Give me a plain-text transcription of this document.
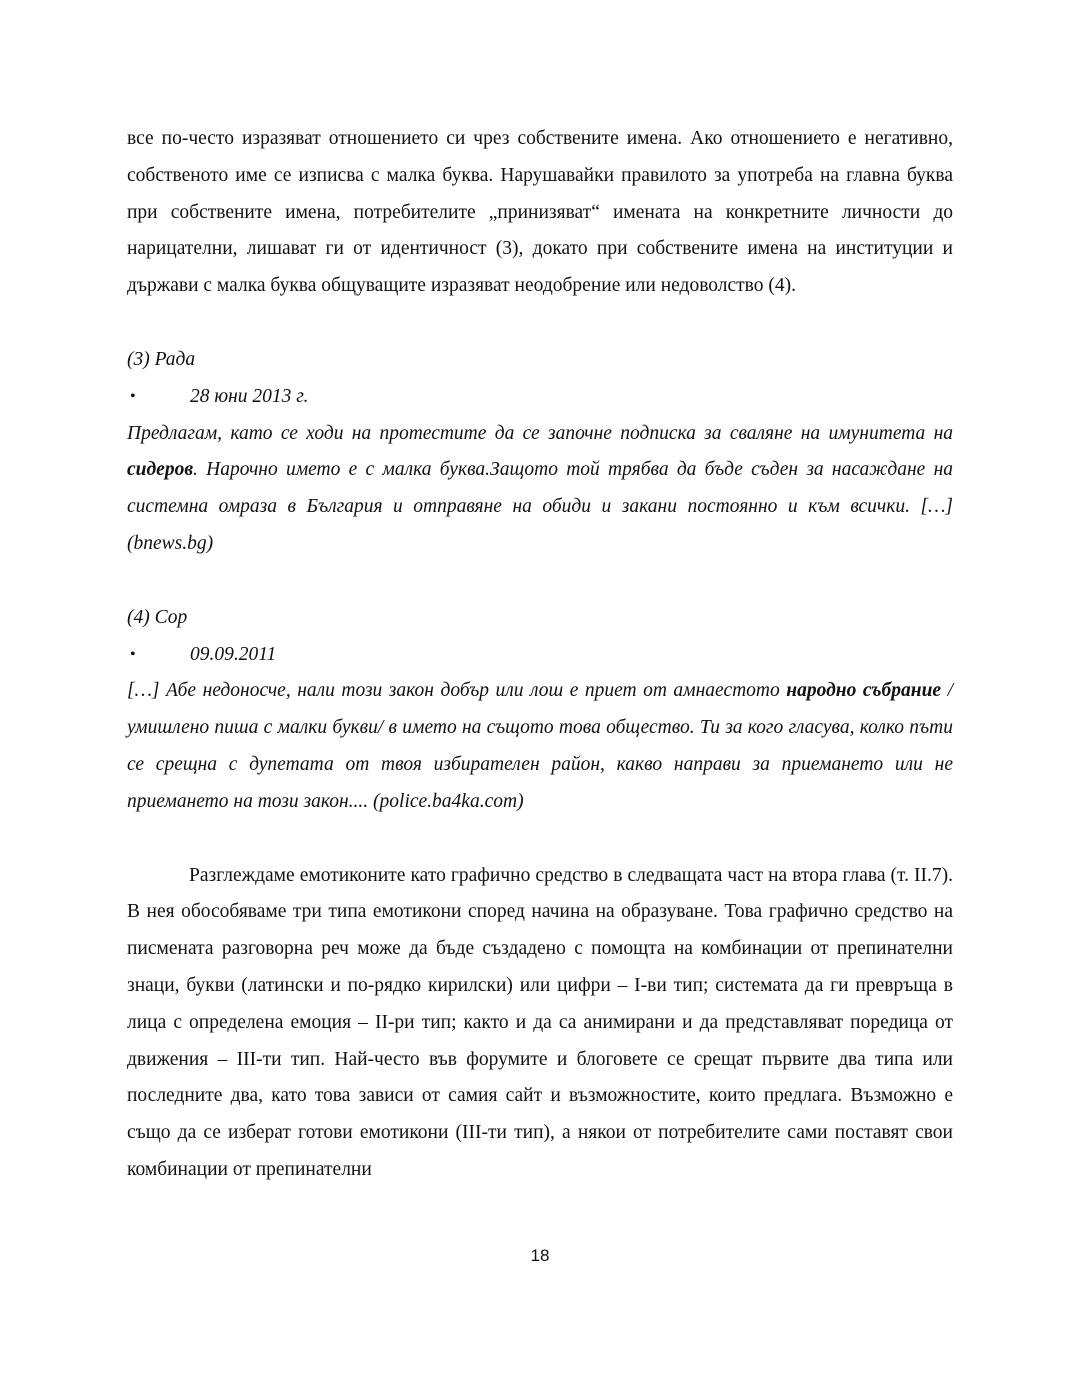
все по-често изразяват отношението си чрез собствените имена. Ако отношението е негативно, собственото име се изписва с малка буква. Нарушавайки правилото за употреба на главна буква при собствените имена, потребителите „принизяват“ имената на конкретните личности до нарицателни, лишават ги от идентичност (3), докато при собствените имена на институции и държави с малка буква общуващите изразяват неодобрение или недоволство (4).

(3) Рада

•	28 юни 2013 г.

Предлагам, като се ходи на протестите да се започне подписка за сваляне на имунитета на сидеров. Нарочно името е с малка буква.Защото той трябва да бъде съден за насаждане на системна омраза в България и отправяне на обиди и закани постоянно и към всички. […] (bnews.bg)

(4) Сор

•	09.09.2011

[…] Абе недоносче, нали този закон добър или лош е приет от амнаестото народно събрание /умишлено пиша с малки букви/ в името на същото това общество. Ти за кого гласува, колко пъти се срещна с дупетата от твоя избирателен район, какво направи за приемането или не приемането на този закон.... (police.ba4ka.com)

Разглеждаме емотиконите като графично средство в следващата част на втора глава (т. II.7). В нея обособяваме три типа емотикони според начина на образуване. Това графично средство на писмената разговорна реч може да бъде създадено с помощта на комбинации от препинателни знаци, букви (латински и по-рядко кирилски) или цифри – I-ви тип; системата да ги превръща в лица с определена емоция – II-ри тип; както и да са анимирани и да представляват поредица от движения – III-ти тип. Най-често във форумите и блоговете се срещат първите два типа или последните два, като това зависи от самия сайт и възможностите, които предлага. Възможно е също да се изберат готови емотикони (III-ти тип), а някои от потребителите сами поставят свои комбинации от препинателни

18
